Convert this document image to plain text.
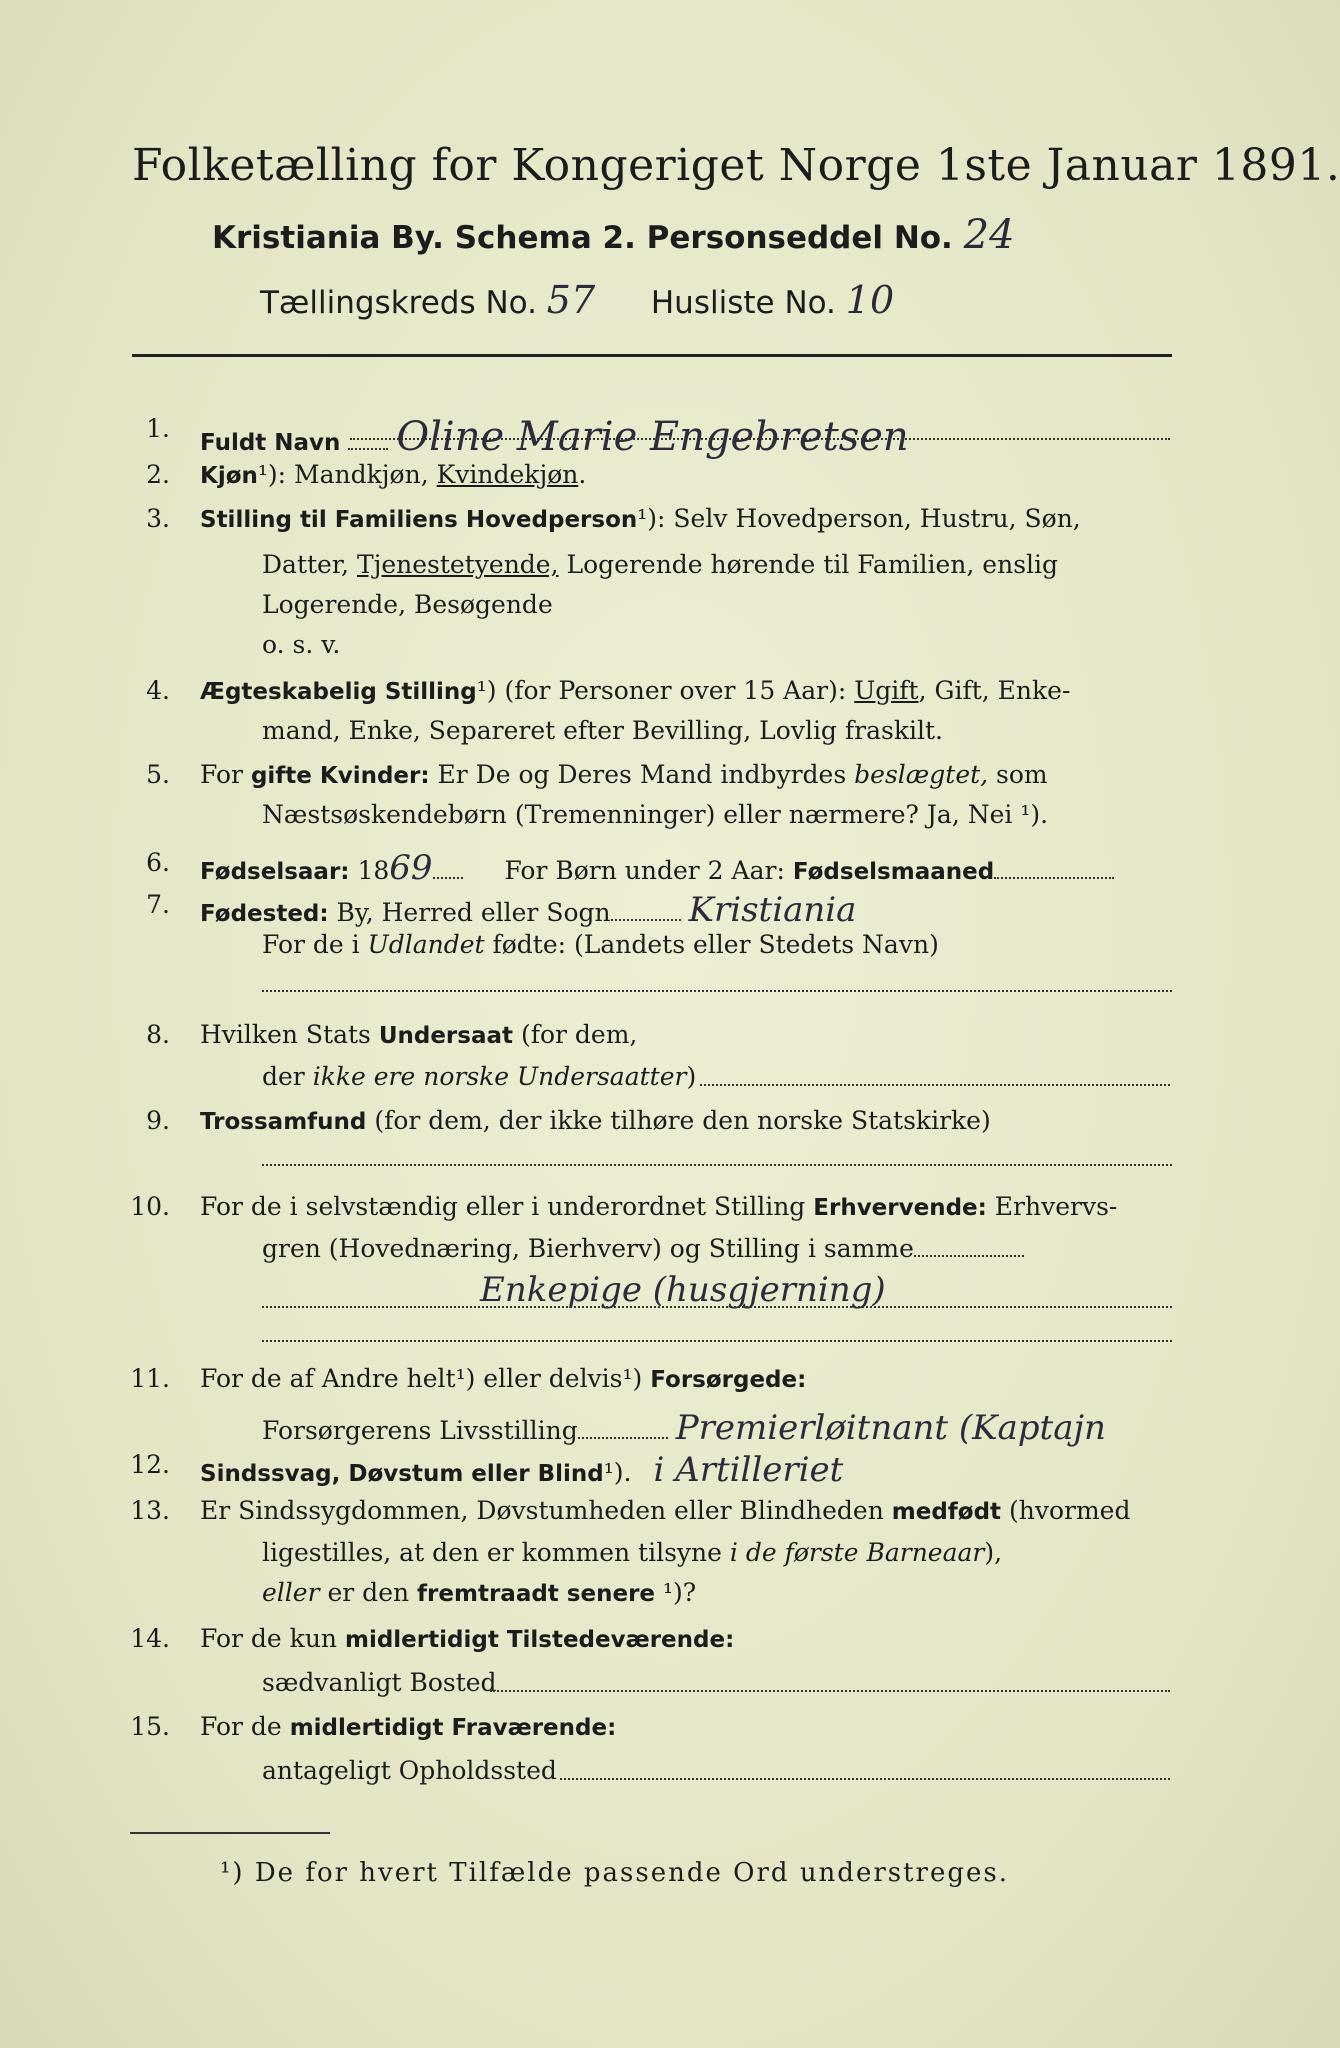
Folketælling for Kongeriget Norge 1ste Januar 1891.
Kristiania By. Schema 2. Personseddel No. 24
Tællingskreds No. 57 Husliste No. 10
1. Fuldt Navn Oline Marie Engebretsen
2. Kjøn¹): Mandkjøn, Kvindekjøn.
3. Stilling til Familiens Hovedperson¹): Selv Hovedperson, Hustru, Søn,
Datter, Tjenestetyende, Logerende hørende til Familien, enslig
Logerende, Besøgende
o. s. v.
4. Ægteskabelig Stilling¹) (for Personer over 15 Aar): Ugift, Gift, Enke-
mand, Enke, Separeret efter Bevilling, Lovlig fraskilt.
5. For gifte Kvinder: Er De og Deres Mand indbyrdes beslægtet, som
Næstsøskendebørn (Tremenninger) eller nærmere? Ja, Nei ¹).
6. Fødselsaar: 1869	For Børn under 2 Aar: Fødselsmaaned
7. Fødested: By, Herred eller Sogn Kristiania
For de i Udlandet fødte: (Landets eller Stedets Navn)
8. Hvilken Stats Undersaat (for dem,
der ikke ere norske Undersaatter)
9. Trossamfund (for dem, der ikke tilhøre den norske Statskirke)
10. For de i selvstændig eller i underordnet Stilling Erhvervende: Erhvervs-
gren (Hovednæring, Bierhverv) og Stilling i samme
Enkepige (husgjerning)
11. For de af Andre helt¹) eller delvis¹) Forsørgede:
Forsørgerens Livsstilling	Premierløitnant (Kaptajn
12. Sindssvag, Døvstum eller Blind¹). i Artilleriet
13. Er Sindssygdommen, Døvstumheden eller Blindheden medfødt (hvormed
ligestilles, at den er kommen tilsyne i de første Barneaar),
eller er den fremtraadt senere ¹)?
14. For de kun midlertidigt Tilstedeværende:
sædvanligt Bosted
15. For de midlertidigt Fraværende:
antageligt Opholdssted
¹) De for hvert Tilfælde passende Ord understreges.
